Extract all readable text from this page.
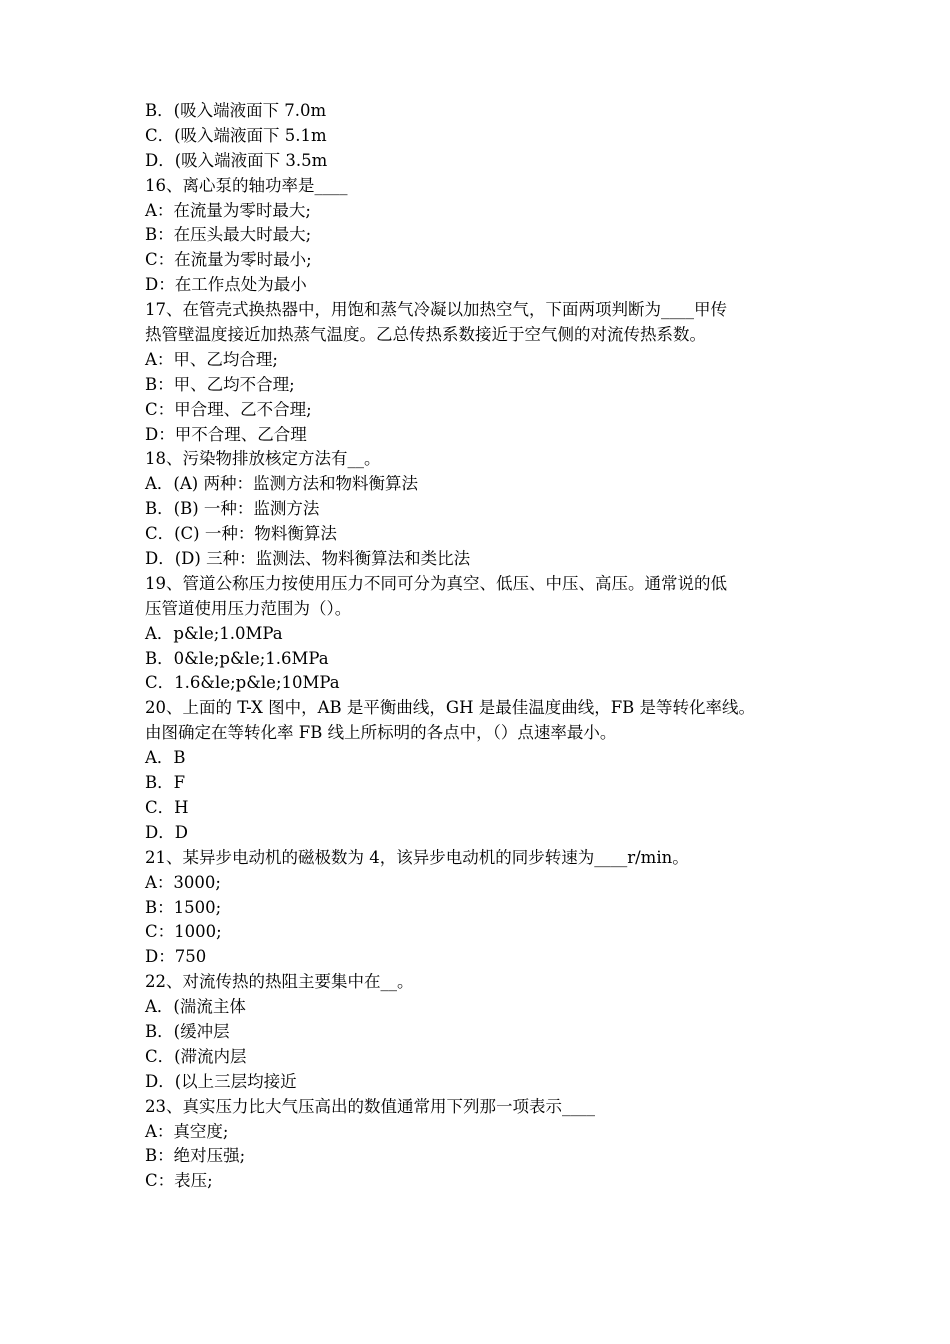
B．(吸入端液面下 7.0m
C．(吸入端液面下 5.1m
D．(吸入端液面下 3.5m
16、离心泵的轴功率是____
A：在流量为零时最大;
B：在压头最大时最大;
C：在流量为零时最小;
D：在工作点处为最小
17、在管壳式换热器中，用饱和蒸气冷凝以加热空气，下面两项判断为____甲传
热管壁温度接近加热蒸气温度。乙总传热系数接近于空气侧的对流传热系数。
A：甲、乙均合理;
B：甲、乙均不合理;
C：甲合理、乙不合理;
D：甲不合理、乙合理
18、污染物排放核定方法有__。
A．(A) 两种：监测方法和物料衡算法
B．(B) 一种：监测方法
C．(C) 一种：物料衡算法
D．(D) 三种：监测法、物料衡算法和类比法
19、管道公称压力按使用压力不同可分为真空、低压、中压、高压。通常说的低
压管道使用压力范围为（）。
A．p&le;1.0MPa
B．0&le;p&le;1.6MPa
C．1.6&le;p&le;10MPa
20、上面的 T-X 图中，AB 是平衡曲线，GH 是最佳温度曲线，FB 是等转化率线。
由图确定在等转化率 FB 线上所标明的各点中，（）点速率最小。
A．B
B．F
C．H
D．D
21、某异步电动机的磁极数为 4，该异步电动机的同步转速为____r/min。
A：3000;
B：1500;
C：1000;
D：750
22、对流传热的热阻主要集中在__。
A．(湍流主体
B．(缓冲层
C．(滞流内层
D．(以上三层均接近
23、真实压力比大气压高出的数值通常用下列那一项表示____
A：真空度;
B：绝对压强;
C：表压;
